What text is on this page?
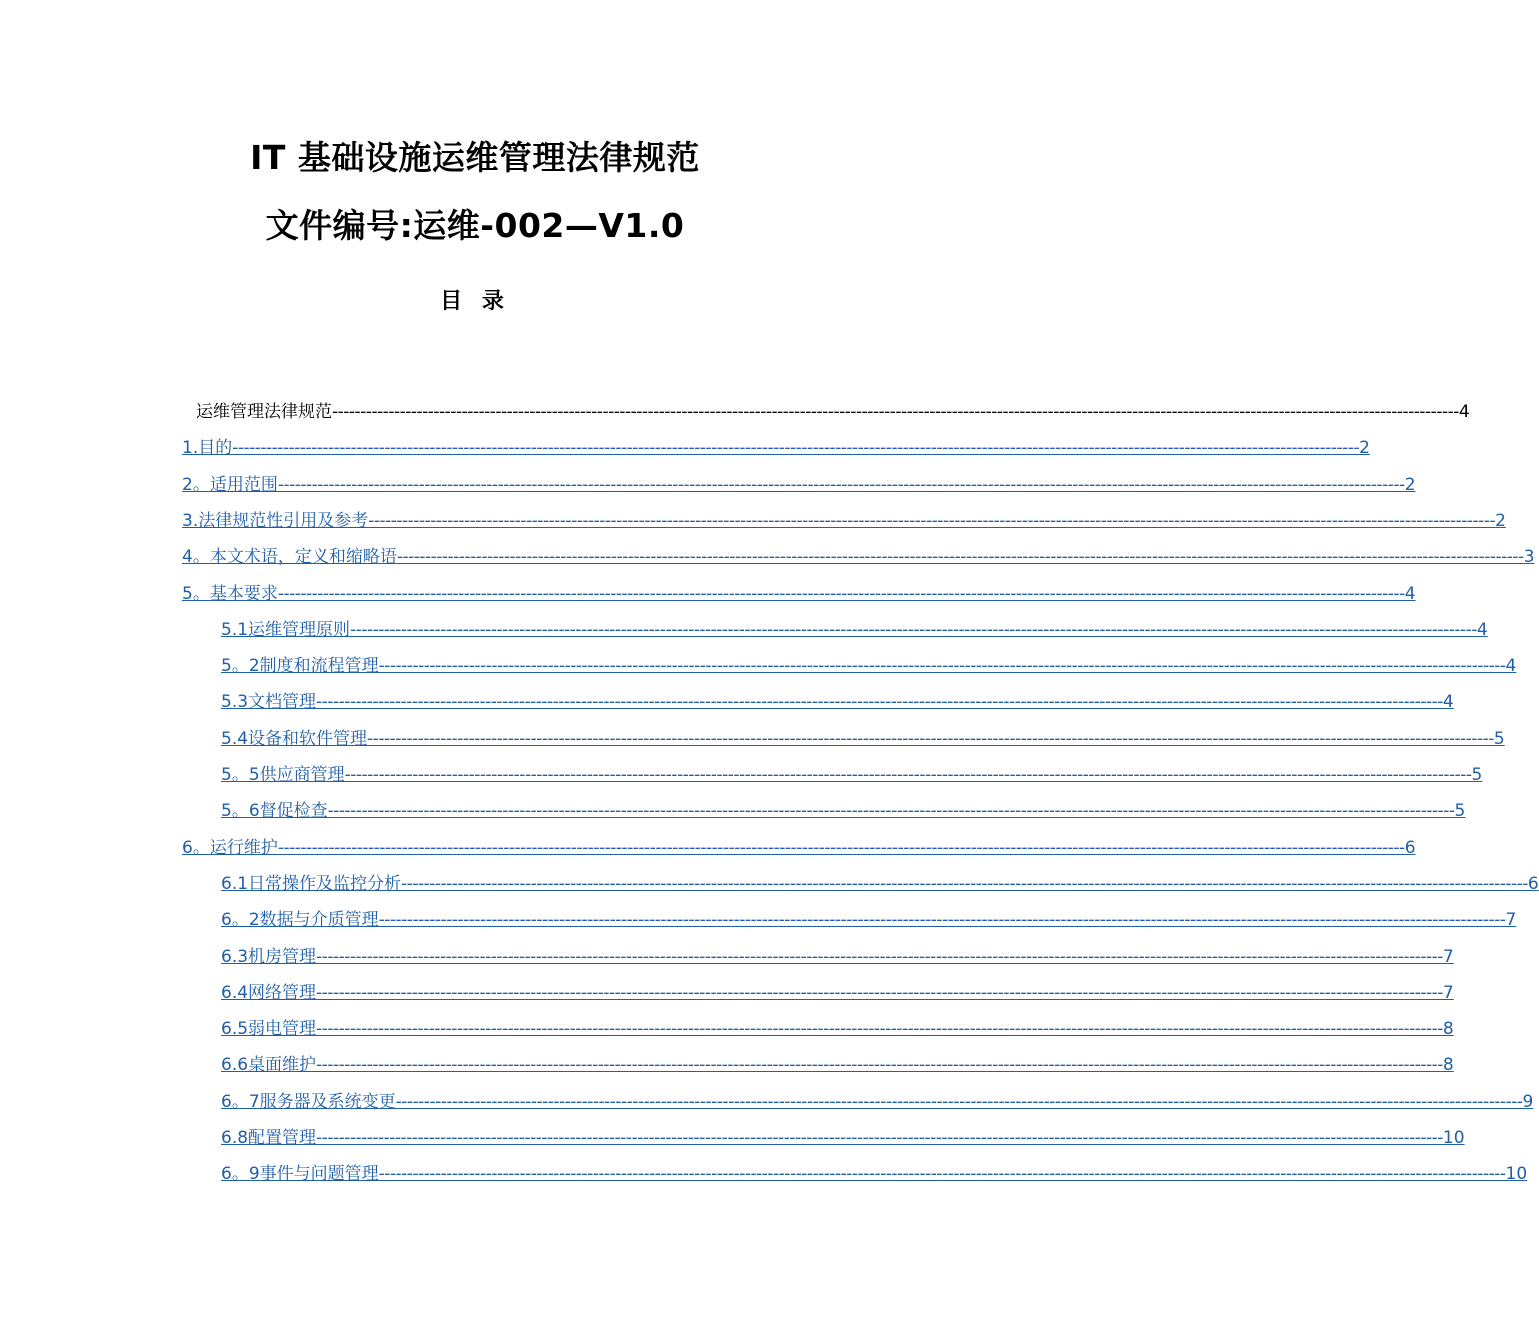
IT 基础设施运维管理法律规范
文件编号:运维-002—V1.0
目 录
运维管理法律规范 -------------------------------------------------------------------------------------------------------------------------------------------------------------------------------------------------------- 4
1. 目的 -------------------------------------------------------------------------------------------------------------------------------------------------------------------------------------------------------- 2
2。 适用范围 -------------------------------------------------------------------------------------------------------------------------------------------------------------------------------------------------------- 2
3. 法律规范性引用及参考 -------------------------------------------------------------------------------------------------------------------------------------------------------------------------------------------------------- 2
4。 本文术语，定义和缩略语 -------------------------------------------------------------------------------------------------------------------------------------------------------------------------------------------------------- 3
5。 基本要求 -------------------------------------------------------------------------------------------------------------------------------------------------------------------------------------------------------- 4
5.1 运维管理原则 -------------------------------------------------------------------------------------------------------------------------------------------------------------------------------------------------------- 4
5。2 制度和流程管理 -------------------------------------------------------------------------------------------------------------------------------------------------------------------------------------------------------- 4
5.3 文档管理 -------------------------------------------------------------------------------------------------------------------------------------------------------------------------------------------------------- 4
5.4 设备和软件管理 -------------------------------------------------------------------------------------------------------------------------------------------------------------------------------------------------------- 5
5。5 供应商管理 -------------------------------------------------------------------------------------------------------------------------------------------------------------------------------------------------------- 5
5。6 督促检查 -------------------------------------------------------------------------------------------------------------------------------------------------------------------------------------------------------- 5
6。 运行维护 -------------------------------------------------------------------------------------------------------------------------------------------------------------------------------------------------------- 6
6.1 日常操作及监控分析 -------------------------------------------------------------------------------------------------------------------------------------------------------------------------------------------------------- 6
6。2 数据与介质管理 -------------------------------------------------------------------------------------------------------------------------------------------------------------------------------------------------------- 7
6.3 机房管理 -------------------------------------------------------------------------------------------------------------------------------------------------------------------------------------------------------- 7
6.4 网络管理 -------------------------------------------------------------------------------------------------------------------------------------------------------------------------------------------------------- 7
6.5 弱电管理 -------------------------------------------------------------------------------------------------------------------------------------------------------------------------------------------------------- 8
6.6 桌面维护 -------------------------------------------------------------------------------------------------------------------------------------------------------------------------------------------------------- 8
6。7 服务器及系统变更 -------------------------------------------------------------------------------------------------------------------------------------------------------------------------------------------------------- 9
6.8 配置管理 -------------------------------------------------------------------------------------------------------------------------------------------------------------------------------------------------------- 10
6。9 事件与问题管理 -------------------------------------------------------------------------------------------------------------------------------------------------------------------------------------------------------- 10
